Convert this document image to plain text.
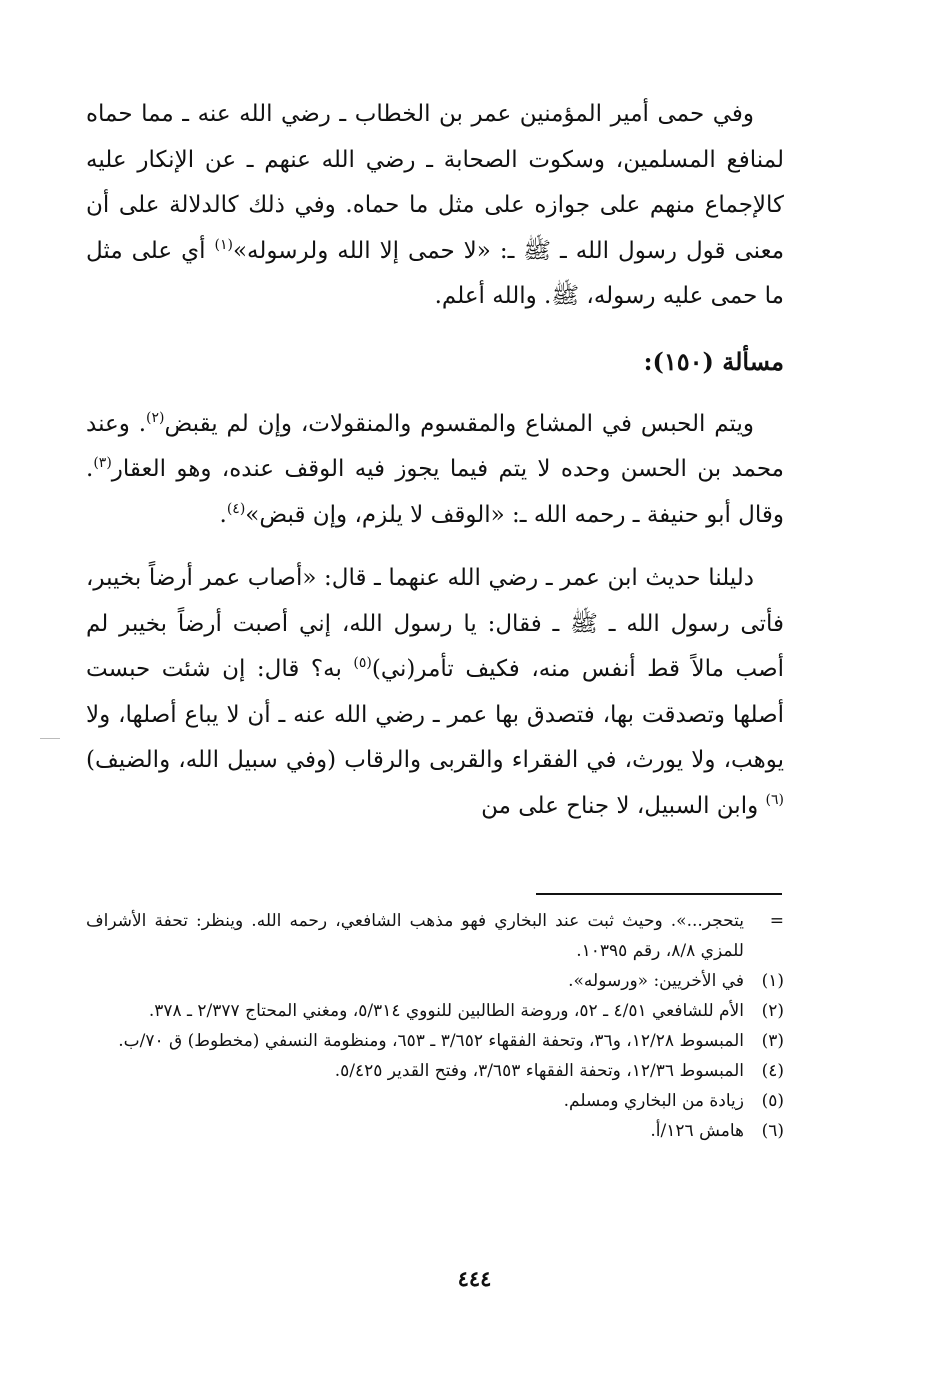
وفي حمى أمير المؤمنين عمر بن الخطاب ـ رضي الله عنه ـ مما حماه لمنافع المسلمين، وسكوت الصحابة ـ رضي الله عنهم ـ عن الإنكار عليه كالإجماع منهم على جوازه على مثل ما حماه. وفي ذلك كالدلالة على أن معنى قول رسول الله ـ ﷺ ـ: «لا حمى إلا الله ولرسوله»$^{(١)}$ أي على مثل ما حمى عليه رسوله، ﷺ. والله أعلم.

مسألة (١٥٠):

ويتم الحبس في المشاع والمقسوم والمنقولات، وإن لم يقبض$^{(٢)}$. وعند محمد بن الحسن وحده لا يتم فيما يجوز فيه الوقف عنده، وهو العقار$^{(٣)}$. وقال أبو حنيفة ـ رحمه الله ـ: «الوقف لا يلزم، وإن قبض»$^{(٤)}$.

دليلنا حديث ابن عمر ـ رضي الله عنهما ـ قال: «أصاب عمر أرضاً بخيبر، فأتى رسول الله ـ ﷺ ـ فقال: يا رسول الله، إني أصبت أرضاً بخيبر لم أصب مالاً قط أنفس منه، فكيف تأمر(ني)$^{(٥)}$ به؟ قال: إن شئت حبست أصلها وتصدقت بها، فتصدق بها عمر ـ رضي الله عنه ـ أن لا يباع أصلها، ولا يوهب، ولا يورث، في الفقراء والقربى والرقاب (وفي سبيل الله، والضيف)$^{(٦)}$ وابن السبيل، لا جناح على من

=
يتحجر...». وحيث ثبت عند البخاري فهو مذهب الشافعي، رحمه الله. وينظر: تحفة الأشراف للمزي ٨/٨، رقم ١٠٣٩٥.
(١)
في الأخريين: «ورسوله».
(٢)
الأم للشافعي ٤/٥١ ـ ٥٢، وروضة الطالبين للنووي ٥/٣١٤، ومغني المحتاج ٢/٣٧٧ ـ ٣٧٨.
(٣)
المبسوط ١٢/٢٨، و٣٦، وتحفة الفقهاء ٣/٦٥٢ ـ ٦٥٣، ومنظومة النسفي (مخطوط) ق ٧٠/ب.
(٤)
المبسوط ١٢/٣٦، وتحفة الفقهاء ٣/٦٥٣، وفتح القدير ٥/٤٢٥.
(٥)
زيادة من البخاري ومسلم.
(٦)
هامش ١٢٦/أ.
٤٤٤
